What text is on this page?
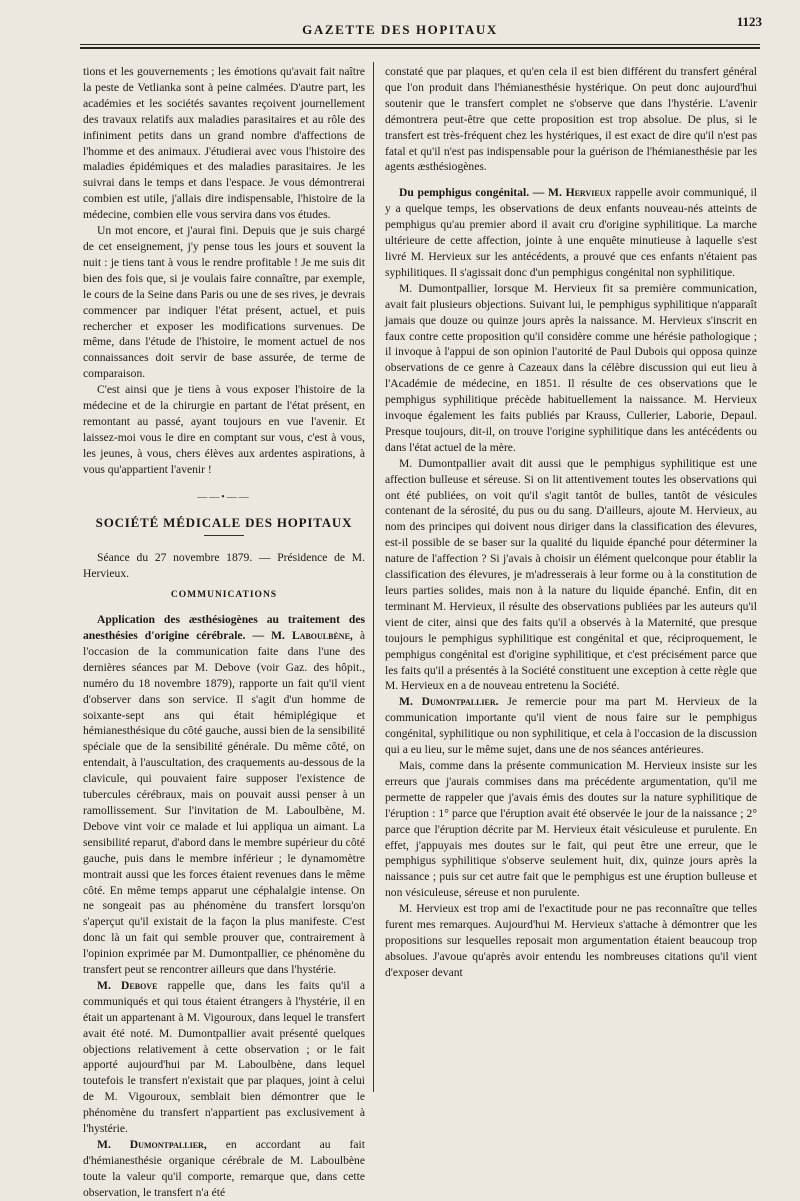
GAZETTE DES HOPITAUX
1123

tions et les gouvernements ; les émotions qu'avait fait naître la peste de Vetlianka sont à peine calmées. D'autre part, les académies et les sociétés savantes reçoivent journellement des travaux relatifs aux maladies parasitaires et au rôle des infiniment petits dans un grand nombre d'affections de l'homme et des animaux. J'étudierai avec vous l'histoire des maladies épidémiques et des maladies parasitaires. Je les suivrai dans le temps et dans l'espace. Je vous démontrerai combien est utile, j'allais dire indispensable, l'histoire de la médecine, combien elle vous servira dans vos études.

Un mot encore, et j'aurai fini. Depuis que je suis chargé de cet enseignement, j'y pense tous les jours et souvent la nuit : je tiens tant à vous le rendre profitable ! Je me suis dit bien des fois que, si je voulais faire connaître, par exemple, le cours de la Seine dans Paris ou une de ses rives, je devrais commencer par indiquer l'état présent, actuel, et puis rechercher et exposer les modifications survenues. De même, dans l'étude de l'histoire, le moment actuel de nos connaissances doit servir de base assurée, de terme de comparaison.

C'est ainsi que je tiens à vous exposer l'histoire de la médecine et de la chirurgie en partant de l'état présent, en remontant au passé, ayant toujours en vue l'avenir. Et laissez-moi vous le dire en comptant sur vous, c'est à vous, les jeunes, à vous, chers élèves aux ardentes aspirations, à vous qu'appartient l'avenir !

——•——
SOCIÉTÉ MÉDICALE DES HOPITAUX

Séance du 27 novembre 1879. — Présidence de M. Hervieux.

COMMUNICATIONS

Application des æsthésiogènes au traitement des anesthésies d'origine cérébrale. — M. Laboulbène, à l'occasion de la communication faite dans l'une des dernières séances par M. Debove (voir Gaz. des hôpit., numéro du 18 novembre 1879), rapporte un fait qu'il vient d'observer dans son service. Il s'agit d'un homme de soixante-sept ans qui était hémiplégique et hémianesthésique du côté gauche, aussi bien de la sensibilité spéciale que de la sensibilité générale. Du même côté, on entendait, à l'auscultation, des craquements au-dessous de la clavicule, qui pouvaient faire supposer l'existence de tubercules cérébraux, mais on pouvait aussi penser à un ramollissement. Sur l'invitation de M. Laboulbène, M. Debove vint voir ce malade et lui appliqua un aimant. La sensibilité reparut, d'abord dans le membre supérieur du côté gauche, puis dans le membre inférieur ; le dynamomètre montrait aussi que les forces étaient revenues dans le même côté. En même temps apparut une céphalalgie intense. On ne songeait pas au phénomène du transfert lorsqu'on s'aperçut qu'il existait de la façon la plus manifeste. C'est donc là un fait qui semble prouver que, contrairement à l'opinion exprimée par M. Dumontpallier, ce phénomène du transfert peut se rencontrer ailleurs que dans l'hystérie.

M. Debove rappelle que, dans les faits qu'il a communiqués et qui tous étaient étrangers à l'hystérie, il en était un appartenant à M. Vigouroux, dans lequel le transfert avait été noté. M. Dumontpallier avait présenté quelques objections relativement à cette observation ; or le fait apporté aujourd'hui par M. Laboulbène, dans lequel toutefois le transfert n'existait que par plaques, joint à celui de M. Vigouroux, semblait bien démontrer que le phénomène du transfert n'appartient pas exclusivement à l'hystérie.

M. Dumontpallier, en accordant au fait d'hémianesthésie organique cérébrale de M. Laboulbène toute la valeur qu'il comporte, remarque que, dans cette observation, le transfert n'a été

constaté que par plaques, et qu'en cela il est bien différent du transfert général que l'on produit dans l'hémianesthésie hystérique. On peut donc aujourd'hui soutenir que le transfert complet ne s'observe que dans l'hystérie. L'avenir démontrera peut-être que cette proposition est trop absolue. De plus, si le transfert est très-fréquent chez les hystériques, il est exact de dire qu'il n'est pas fatal et qu'il n'est pas indispensable pour la guérison de l'hémianesthésie par les agents æsthésiogènes.

Du pemphigus congénital. — M. Hervieux rappelle avoir communiqué, il y a quelque temps, les observations de deux enfants nouveau-nés atteints de pemphigus qu'au premier abord il avait cru d'origine syphilitique. La marche ultérieure de cette affection, jointe à une enquête minutieuse à laquelle s'est livré M. Hervieux sur les antécédents, a prouvé que ces enfants n'étaient pas syphilitiques. Il s'agissait donc d'un pemphigus congénital non syphilitique.

M. Dumontpallier, lorsque M. Hervieux fit sa première communication, avait fait plusieurs objections. Suivant lui, le pemphigus syphilitique n'apparaît jamais que douze ou quinze jours après la naissance. M. Hervieux s'inscrit en faux contre cette proposition qu'il considère comme une hérésie pathologique ; il invoque à l'appui de son opinion l'autorité de Paul Dubois qui opposa quinze observations de ce genre à Cazeaux dans la célèbre discussion qui eut lieu à l'Académie de médecine, en 1851. Il résulte de ces observations que le pemphigus syphilitique précède habituellement la naissance. M. Hervieux invoque également les faits publiés par Krauss, Cullerier, Laborie, Depaul. Presque toujours, dit-il, on trouve l'origine syphilitique dans les antécédents ou dans l'état actuel de la mère.

M. Dumontpallier avait dit aussi que le pemphigus syphilitique est une affection bulleuse et séreuse. Si on lit attentivement toutes les observations qui ont été publiées, on voit qu'il s'agit tantôt de bulles, tantôt de vésicules contenant de la sérosité, du pus ou du sang. D'ailleurs, ajoute M. Hervieux, au nom des principes qui doivent nous diriger dans la classification des élevures, est-il possible de se baser sur la qualité du liquide épanché pour déterminer la nature de l'affection ? Si j'avais à choisir un élément quelconque pour établir la classification des élevures, je m'adresserais à leur forme ou à la constitution de leurs parties solides, mais non à la nature du liquide épanché. Enfin, dit en terminant M. Hervieux, il résulte des observations publiées par les auteurs qu'il vient de citer, ainsi que des faits qu'il a observés à la Maternité, que presque toujours le pemphigus syphilitique est congénital et que, réciproquement, le pemphigus congénital est d'origine syphilitique, et c'est précisément parce que les faits qu'il a présentés à la Société constituent une exception à cette règle que M. Hervieux en a de nouveau entretenu la Société.

M. Dumontpallier. Je remercie pour ma part M. Hervieux de la communication importante qu'il vient de nous faire sur le pemphigus congénital, syphilitique ou non syphilitique, et cela à l'occasion de la discussion qui a eu lieu, sur le même sujet, dans une de nos séances antérieures.

Mais, comme dans la présente communication M. Hervieux insiste sur les erreurs que j'aurais commises dans ma précédente argumentation, qu'il me permette de rappeler que j'avais émis des doutes sur la nature syphilitique de l'éruption : 1° parce que l'éruption avait été observée le jour de la naissance ; 2° parce que l'éruption décrite par M. Hervieux était vésiculeuse et purulente. En effet, j'appuyais mes doutes sur le fait, qui peut être une erreur, que le pemphigus syphilitique s'observe seulement huit, dix, quinze jours après la naissance ; puis sur cet autre fait que le pemphigus est une éruption bulleuse et non vésiculeuse, séreuse et non purulente.

M. Hervieux est trop ami de l'exactitude pour ne pas reconnaître que telles furent mes remarques. Aujourd'hui M. Hervieux s'attache à démontrer que les propositions sur lesquelles reposait mon argumentation étaient beaucoup trop absolues. J'avoue qu'après avoir entendu les nombreuses citations qu'il vient d'exposer devant
